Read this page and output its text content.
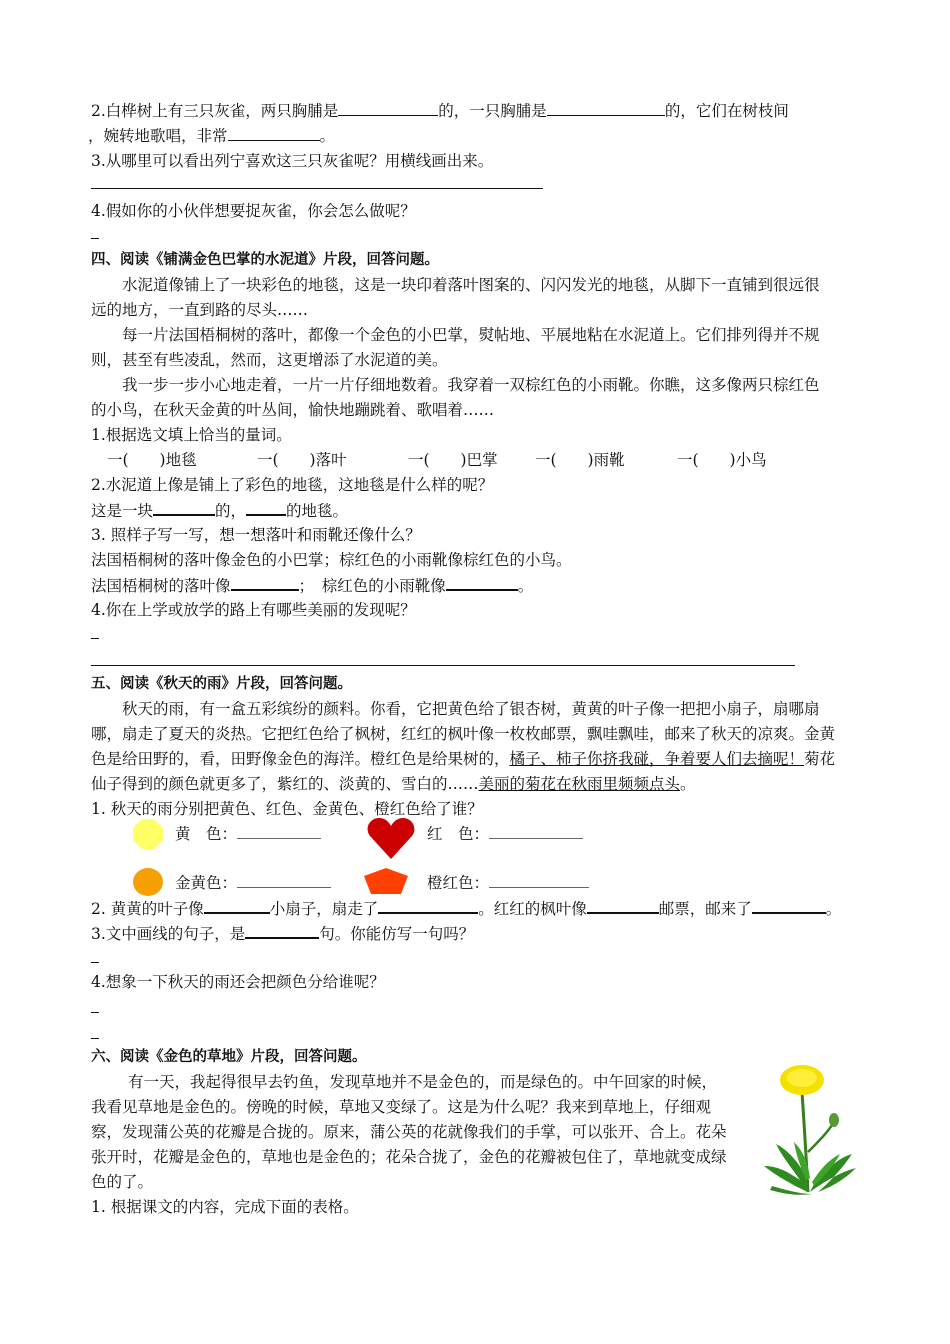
2.白桦树上有三只灰雀，两只胸脯是	的，一只胸脯是	的，它们在树枝间
，婉转地歌唱，非常	。
3.从哪里可以看出列宁喜欢这三只灰雀呢？用横线画出来。
4.假如你的小伙伴想要捉灰雀，你会怎么做呢？
四、阅读《铺满金色巴掌的水泥道》片段，回答问题。
水泥道像铺上了一块彩色的地毯，这是一块印着落叶图案的、闪闪发光的地毯，从脚下一直铺到很远很
远的地方，一直到路的尽头……
每一片法国梧桐树的落叶，都像一个金色的小巴掌，熨帖地、平展地粘在水泥道上。它们排列得并不规
则，甚至有些凌乱，然而，这更增添了水泥道的美。
我一步一步小心地走着，一片一片仔细地数着。我穿着一双棕红色的小雨靴。你瞧，这多像两只棕红色
的小鸟，在秋天金黄的叶丛间，愉快地蹦跳着、歌唱着……
1.根据选文填上恰当的量词。
一(　　)地毯	一(　　)落叶	一(　　)巴掌 一(　　)雨靴	一(　　)小鸟
2.水泥道上像是铺上了彩色的地毯，这地毯是什么样的呢？
这是一块	的，	的地毯。
3. 照样子写一写，想一想落叶和雨靴还像什么？
法国梧桐树的落叶像金色的小巴掌；棕红色的小雨靴像棕红色的小鸟。
法国梧桐树的落叶像	；　棕红色的小雨靴像	。
4.你在上学或放学的路上有哪些美丽的发现呢？
五、阅读《秋天的雨》片段，回答问题。
秋天的雨，有一盒五彩缤纷的颜料。你看，它把黄色给了银杏树，黄黄的叶子像一把把小扇子，扇哪扇
哪，扇走了夏天的炎热。它把红色给了枫树，红红的枫叶像一枚枚邮票，飘哇飘哇，邮来了秋天的凉爽。金黄
色是给田野的，看，田野像金色的海洋。橙红色是给果树的，橘子、柿子你挤我碰，争着要人们去摘呢！菊花
仙子得到的颜色就更多了，紫红的、淡黄的、雪白的……美丽的菊花在秋雨里频频点头。
1. 秋天的雨分别把黄色、红色、金黄色、橙红色给了谁？
黄　色：	红　色：
金黄色：	橙红色：
2. 黄黄的叶子像	小扇子，扇走了	。红红的枫叶像	邮票，邮来了	。
3.文中画线的句子，是	句。你能仿写一句吗？
4.想象一下秋天的雨还会把颜色分给谁呢？
六、阅读《金色的草地》片段，回答问题。
有一天，我起得很早去钓鱼，发现草地并不是金色的，而是绿色的。中午回家的时候，
我看见草地是金色的。傍晚的时候，草地又变绿了。这是为什么呢？我来到草地上，仔细观
察，发现蒲公英的花瓣是合拢的。原来，蒲公英的花就像我们的手掌，可以张开、合上。花朵
张开时，花瓣是金色的，草地也是金色的；花朵合拢了，金色的花瓣被包住了，草地就变成绿
色的了。
1. 根据课文的内容，完成下面的表格。
